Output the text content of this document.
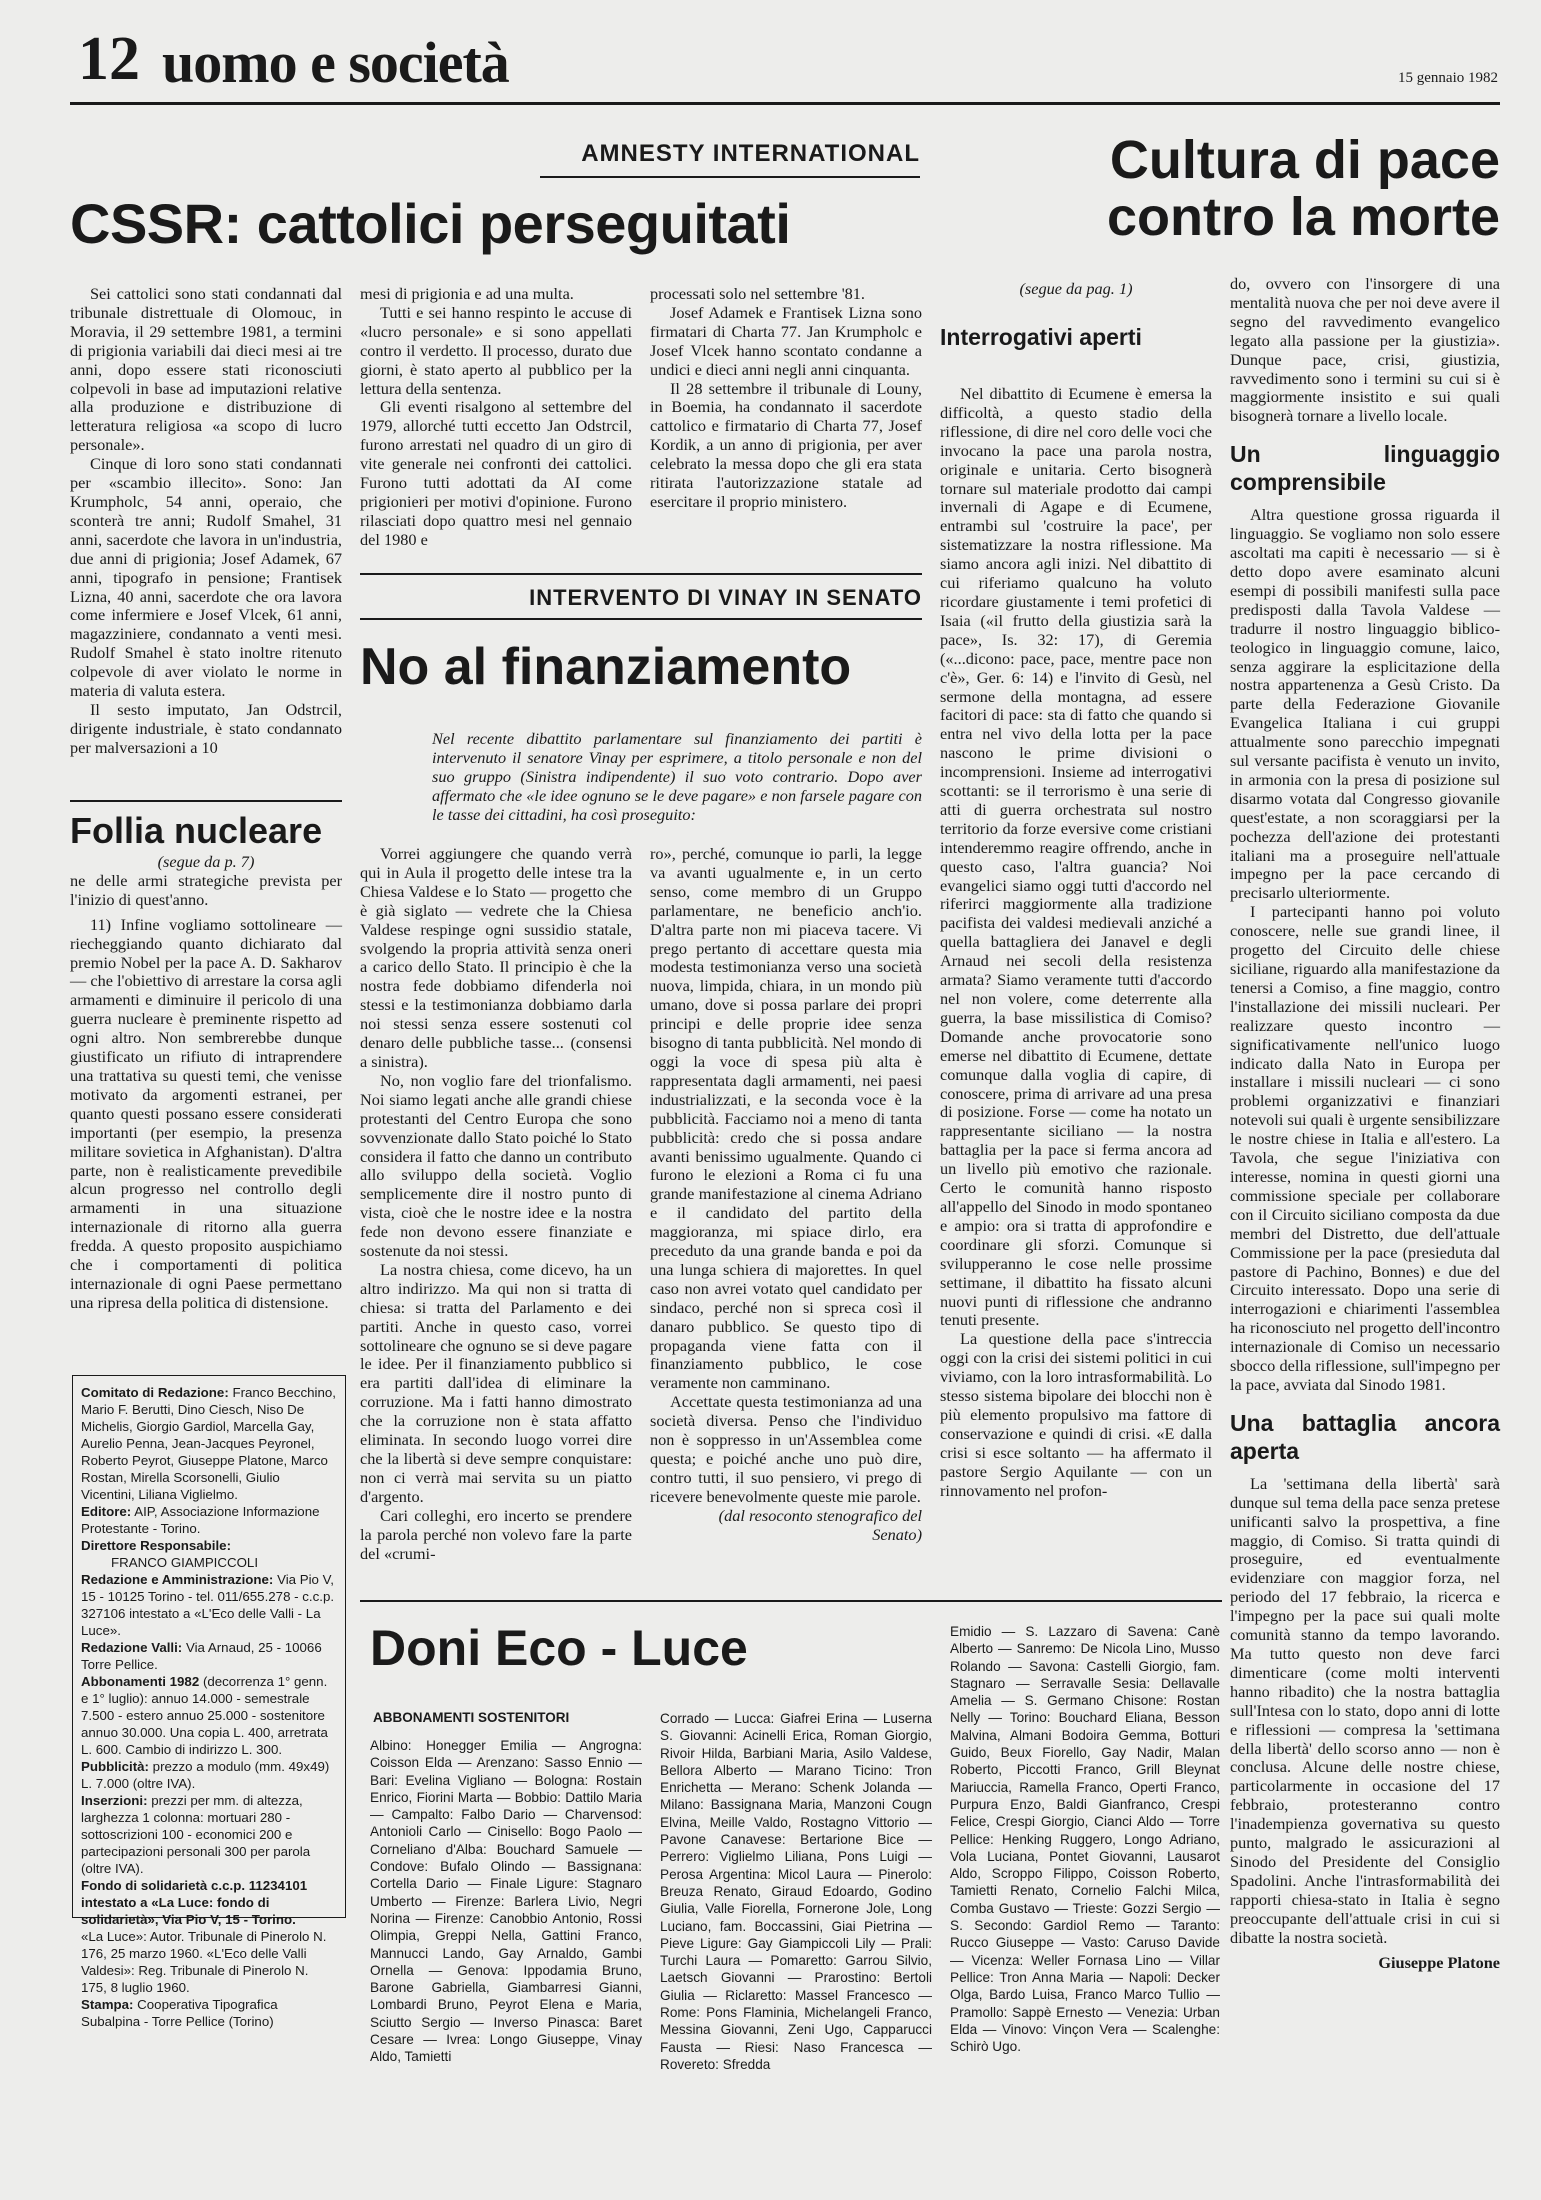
12 uomo e società	15 gennaio 1982
AMNESTY INTERNATIONAL
CSSR: cattolici perseguitati

Sei cattolici sono stati condannati dal tribunale distrettuale di Olomouc, in Moravia, il 29 settembre 1981, a termini di prigionia variabili dai dieci mesi ai tre anni, dopo essere stati riconosciuti colpevoli in base ad imputazioni relative alla produzione e distribuzione di letteratura religiosa «a scopo di lucro personale».

Cinque di loro sono stati condannati per «scambio illecito». Sono: Jan Krumpholc, 54 anni, operaio, che sconterà tre anni; Rudolf Smahel, 31 anni, sacerdote che lavora in un'industria, due anni di prigionia; Josef Adamek, 67 anni, tipografo in pensione; Frantisek Lizna, 40 anni, sacerdote che ora lavora come infermiere e Josef Vlcek, 61 anni, magazziniere, condannato a venti mesi. Rudolf Smahel è stato inoltre ritenuto colpevole di aver violato le norme in materia di valuta estera.

Il sesto imputato, Jan Odstrcil, dirigente industriale, è stato condannato per malversazioni a 10

mesi di prigionia e ad una multa.

Tutti e sei hanno respinto le accuse di «lucro personale» e si sono appellati contro il verdetto. Il processo, durato due giorni, è stato aperto al pubblico per la lettura della sentenza.

Gli eventi risalgono al settembre del 1979, allorché tutti eccetto Jan Odstrcil, furono arrestati nel quadro di un giro di vite generale nei confronti dei cattolici. Furono tutti adottati da AI come prigionieri per motivi d'opinione. Furono rilasciati dopo quattro mesi nel gennaio del 1980 e

processati solo nel settembre '81.

Josef Adamek e Frantisek Lizna sono firmatari di Charta 77. Jan Krumpholc e Josef Vlcek hanno scontato condanne a undici e dieci anni negli anni cinquanta.

Il 28 settembre il tribunale di Louny, in Boemia, ha condannato il sacerdote cattolico e firmatario di Charta 77, Josef Kordik, a un anno di prigionia, per aver celebrato la messa dopo che gli era stata ritirata l'autorizzazione statale ad esercitare il proprio ministero.

Follia nucleare
(segue da p. 7)

ne delle armi strategiche prevista per l'inizio di quest'anno.

11) Infine vogliamo sottolineare — riecheggiando quanto dichiarato dal premio Nobel per la pace A. D. Sakharov — che l'obiettivo di arrestare la corsa agli armamenti e diminuire il pericolo di una guerra nucleare è preminente rispetto ad ogni altro. Non sembrerebbe dunque giustificato un rifiuto di intraprendere una trattativa su questi temi, che venisse motivato da argomenti estranei, per quanto questi possano essere considerati importanti (per esempio, la presenza militare sovietica in Afghanistan). D'altra parte, non è realisticamente prevedibile alcun progresso nel controllo degli armamenti in una situazione internazionale di ritorno alla guerra fredda. A questo proposito auspichiamo che i comportamenti di politica internazionale di ogni Paese permettano una ripresa della politica di distensione.

Comitato di Redazione: Franco Becchino, Mario F. Berutti, Dino Ciesch, Niso De Michelis, Giorgio Gardiol, Marcella Gay, Aurelio Penna, Jean-Jacques Peyronel, Roberto Peyrot, Giuseppe Platone, Marco Rostan, Mirella Scorsonelli, Giulio Vicentini, Liliana Viglielmo.

Editore: AIP, Associazione Informazione Protestante - Torino.

Direttore Responsabile:
FRANCO GIAMPICCOLI

Redazione e Amministrazione: Via Pio V, 15 - 10125 Torino - tel. 011/655.278 - c.c.p. 327106 intestato a «L'Eco delle Valli - La Luce».

Redazione Valli: Via Arnaud, 25 - 10066 Torre Pellice.

Abbonamenti 1982 (decorrenza 1° genn. e 1° luglio): annuo 14.000 - semestrale 7.500 - estero annuo 25.000 - sostenitore annuo 30.000. Una copia L. 400, arretrata L. 600. Cambio di indirizzo L. 300.

Pubblicità: prezzo a modulo (mm. 49x49) L. 7.000 (oltre IVA).

Inserzioni: prezzi per mm. di altezza, larghezza 1 colonna: mortuari 280 - sottoscrizioni 100 - economici 200 e partecipazioni personali 300 per parola (oltre IVA).

Fondo di solidarietà c.c.p. 11234101 intestato a «La Luce: fondo di solidarietà», Via Pio V, 15 - Torino.

«La Luce»: Autor. Tribunale di Pinerolo N. 176, 25 marzo 1960. «L'Eco delle Valli Valdesi»: Reg. Tribunale di Pinerolo N. 175, 8 luglio 1960.

Stampa: Cooperativa Tipografica Subalpina - Torre Pellice (Torino)

INTERVENTO DI VINAY IN SENATO
No al finanziamento
Nel recente dibattito parlamentare sul finanziamento dei partiti è intervenuto il senatore Vinay per esprimere, a titolo personale e non del suo gruppo (Sinistra indipendente) il suo voto contrario. Dopo aver affermato che «le idee ognuno se le deve pagare» e non farsele pagare con le tasse dei cittadini, ha così proseguito:

Vorrei aggiungere che quando verrà qui in Aula il progetto delle intese tra la Chiesa Valdese e lo Stato — progetto che è già siglato — vedrete che la Chiesa Valdese respinge ogni sussidio statale, svolgendo la propria attività senza oneri a carico dello Stato. Il principio è che la nostra fede dobbiamo difenderla noi stessi e la testimonianza dobbiamo darla noi stessi senza essere sostenuti col denaro delle pubbliche tasse... (consensi a sinistra).

No, non voglio fare del trionfalismo. Noi siamo legati anche alle grandi chiese protestanti del Centro Europa che sono sovvenzionate dallo Stato poiché lo Stato considera il fatto che danno un contributo allo sviluppo della società. Voglio semplicemente dire il nostro punto di vista, cioè che le nostre idee e la nostra fede non devono essere finanziate e sostenute da noi stessi.

La nostra chiesa, come dicevo, ha un altro indirizzo. Ma qui non si tratta di chiesa: si tratta del Parlamento e dei partiti. Anche in questo caso, vorrei sottolineare che ognuno se si deve pagare le idee. Per il finanziamento pubblico si era partiti dall'idea di eliminare la corruzione. Ma i fatti hanno dimostrato che la corruzione non è stata affatto eliminata. In secondo luogo vorrei dire che la libertà si deve sempre conquistare: non ci verrà mai servita su un piatto d'argento.

Cari colleghi, ero incerto se prendere la parola perché non volevo fare la parte del «crumi-

ro», perché, comunque io parli, la legge va avanti ugualmente e, in un certo senso, come membro di un Gruppo parlamentare, ne beneficio anch'io. D'altra parte non mi piaceva tacere. Vi prego pertanto di accettare questa mia modesta testimonianza verso una società nuova, limpida, chiara, in un mondo più umano, dove si possa parlare dei propri principi e delle proprie idee senza bisogno di tanta pubblicità. Nel mondo di oggi la voce di spesa più alta è rappresentata dagli armamenti, nei paesi industrializzati, e la seconda voce è la pubblicità. Facciamo noi a meno di tanta pubblicità: credo che si possa andare avanti benissimo ugualmente. Quando ci furono le elezioni a Roma ci fu una grande manifestazione al cinema Adriano e il candidato del partito della maggioranza, mi spiace dirlo, era preceduto da una grande banda e poi da una lunga schiera di majorettes. In quel caso non avrei votato quel candidato per sindaco, perché non si spreca così il danaro pubblico. Se questo tipo di propaganda viene fatta con il finanziamento pubblico, le cose veramente non camminano.

Accettate questa testimonianza ad una società diversa. Penso che l'individuo non è soppresso in un'Assemblea come questa; e poiché anche uno può dire, contro tutti, il suo pensiero, vi prego di ricevere benevolmente queste mie parole.

(dal resoconto stenografico del Senato)

Doni Eco - Luce
ABBONAMENTI SOSTENITORI
Albino: Honegger Emilia — Angrogna: Coisson Elda — Arenzano: Sasso Ennio — Bari: Evelina Vigliano — Bologna: Rostain Enrico, Fiorini Marta — Bobbio: Dattilo Maria — Campalto: Falbo Dario — Charvensod: Antonioli Carlo — Cinisello: Bogo Paolo — Corneliano d'Alba: Bouchard Samuele — Condove: Bufalo Olindo — Bassignana: Cortella Dario — Finale Ligure: Stagnaro Umberto — Firenze: Barlera Livio, Negri Norina — Firenze: Canobbio Antonio, Rossi Olimpia, Greppi Nella, Gattini Franco, Mannucci Lando, Gay Arnaldo, Gambi Ornella — Genova: Ippodamia Bruno, Barone Gabriella, Giambarresi Gianni, Lombardi Bruno, Peyrot Elena e Maria, Sciutto Sergio — Inverso Pinasca: Baret Cesare — Ivrea: Longo Giuseppe, Vinay Aldo, Tamietti
Corrado — Lucca: Giafrei Erina — Luserna S. Giovanni: Acinelli Erica, Roman Giorgio, Rivoir Hilda, Barbiani Maria, Asilo Valdese, Bellora Alberto — Marano Ticino: Tron Enrichetta — Merano: Schenk Jolanda — Milano: Bassignana Maria, Manzoni Cougn Elvina, Meille Valdo, Rostagno Vittorio — Pavone Canavese: Bertarione Bice — Perrero: Viglielmo Liliana, Pons Luigi — Perosa Argentina: Micol Laura — Pinerolo: Breuza Renato, Giraud Edoardo, Godino Giulia, Valle Fiorella, Fornerone Jole, Long Luciano, fam. Boccassini, Giai Pietrina — Pieve Ligure: Gay Giampiccoli Lily — Prali: Turchi Laura — Pomaretto: Garrou Silvio, Laetsch Giovanni — Prarostino: Bertoli Giulia — Riclaretto: Massel Francesco — Rome: Pons Flaminia, Michelangeli Franco, Messina Giovanni, Zeni Ugo, Capparucci Fausta — Riesi: Naso Francesca — Rovereto: Sfredda
Emidio — S. Lazzaro di Savena: Canè Alberto — Sanremo: De Nicola Lino, Musso Rolando — Savona: Castelli Giorgio, fam. Stagnaro — Serravalle Sesia: Dellavalle Amelia — S. Germano Chisone: Rostan Nelly — Torino: Bouchard Eliana, Besson Malvina, Almani Bodoira Gemma, Botturi Guido, Beux Fiorello, Gay Nadir, Malan Roberto, Piccotti Franco, Grill Bleynat Mariuccia, Ramella Franco, Operti Franco, Purpura Enzo, Baldi Gianfranco, Crespi Felice, Crespi Giorgio, Cianci Aldo — Torre Pellice: Henking Ruggero, Longo Adriano, Vola Luciana, Pontet Giovanni, Lausarot Aldo, Scroppo Filippo, Coisson Roberto, Tamietti Renato, Cornelio Falchi Milca, Comba Gustavo — Trieste: Gozzi Sergio — S. Secondo: Gardiol Remo — Taranto: Rucco Giuseppe — Vasto: Caruso Davide — Vicenza: Weller Fornasa Lino — Villar Pellice: Tron Anna Maria — Napoli: Decker Olga, Bardo Luisa, Franco Marco Tullio — Pramollo: Sappè Ernesto — Venezia: Urban Elda — Vinovo: Vinçon Vera — Scalenghe: Schirò Ugo.
Cultura di pace
contro la morte
(segue da pag. 1)
Interrogativi aperti

Nel dibattito di Ecumene è emersa la difficoltà, a questo stadio della riflessione, di dire nel coro delle voci che invocano la pace una parola nostra, originale e unitaria. Certo bisognerà tornare sul materiale prodotto dai campi invernali di Agape e di Ecumene, entrambi sul 'costruire la pace', per sistematizzare la nostra riflessione. Ma siamo ancora agli inizi. Nel dibattito di cui riferiamo qualcuno ha voluto ricordare giustamente i temi profetici di Isaia («il frutto della giustizia sarà la pace», Is. 32: 17), di Geremia («...dicono: pace, pace, mentre pace non c'è», Ger. 6: 14) e l'invito di Gesù, nel sermone della montagna, ad essere facitori di pace: sta di fatto che quando si entra nel vivo della lotta per la pace nascono le prime divisioni o incomprensioni. Insieme ad interrogativi scottanti: se il terrorismo è una serie di atti di guerra orchestrata sul nostro territorio da forze eversive come cristiani intenderemmo reagire offrendo, anche in questo caso, l'altra guancia? Noi evangelici siamo oggi tutti d'accordo nel riferirci maggiormente alla tradizione pacifista dei valdesi medievali anziché a quella battagliera dei Janavel e degli Arnaud nei secoli della resistenza armata? Siamo veramente tutti d'accordo nel non volere, come deterrente alla guerra, la base missilistica di Comiso? Domande anche provocatorie sono emerse nel dibattito di Ecumene, dettate comunque dalla voglia di capire, di conoscere, prima di arrivare ad una presa di posizione. Forse — come ha notato un rappresentante siciliano — la nostra battaglia per la pace si ferma ancora ad un livello più emotivo che razionale. Certo le comunità hanno risposto all'appello del Sinodo in modo spontaneo e ampio: ora si tratta di approfondire e coordinare gli sforzi. Comunque si svilupperanno le cose nelle prossime settimane, il dibattito ha fissato alcuni nuovi punti di riflessione che andranno tenuti presente.

La questione della pace s'intreccia oggi con la crisi dei sistemi politici in cui viviamo, con la loro intrasformabilità. Lo stesso sistema bipolare dei blocchi non è più elemento propulsivo ma fattore di conservazione e quindi di crisi. «E dalla crisi si esce soltanto — ha affermato il pastore Sergio Aquilante — con un rinnovamento nel profon-

do, ovvero con l'insorgere di una mentalità nuova che per noi deve avere il segno del ravvedimento evangelico legato alla passione per la giustizia». Dunque pace, crisi, giustizia, ravvedimento sono i termini su cui si è maggiormente insistito e sui quali bisognerà tornare a livello locale.

Un linguaggio comprensibile

Altra questione grossa riguarda il linguaggio. Se vogliamo non solo essere ascoltati ma capiti è necessario — si è detto dopo avere esaminato alcuni esempi di possibili manifesti sulla pace predisposti dalla Tavola Valdese — tradurre il nostro linguaggio biblico-teologico in linguaggio comune, laico, senza aggirare la esplicitazione della nostra appartenenza a Gesù Cristo. Da parte della Federazione Giovanile Evangelica Italiana i cui gruppi attualmente sono parecchio impegnati sul versante pacifista è venuto un invito, in armonia con la presa di posizione sul disarmo votata dal Congresso giovanile quest'estate, a non scoraggiarsi per la pochezza dell'azione dei protestanti italiani ma a proseguire nell'attuale impegno per la pace cercando di precisarlo ulteriormente.

I partecipanti hanno poi voluto conoscere, nelle sue grandi linee, il progetto del Circuito delle chiese siciliane, riguardo alla manifestazione da tenersi a Comiso, a fine maggio, contro l'installazione dei missili nucleari. Per realizzare questo incontro — significativamente nell'unico luogo indicato dalla Nato in Europa per installare i missili nucleari — ci sono problemi organizzativi e finanziari notevoli sui quali è urgente sensibilizzare le nostre chiese in Italia e all'estero. La Tavola, che segue l'iniziativa con interesse, nomina in questi giorni una commissione speciale per collaborare con il Circuito siciliano composta da due membri del Distretto, due dell'attuale Commissione per la pace (presieduta dal pastore di Pachino, Bonnes) e due del Circuito interessato. Dopo una serie di interrogazioni e chiarimenti l'assemblea ha riconosciuto nel progetto dell'incontro internazionale di Comiso un necessario sbocco della riflessione, sull'impegno per la pace, avviata dal Sinodo 1981.

Una battaglia ancora aperta

La 'settimana della libertà' sarà dunque sul tema della pace senza pretese unificanti salvo la prospettiva, a fine maggio, di Comiso. Si tratta quindi di proseguire, ed eventualmente evidenziare con maggior forza, nel periodo del 17 febbraio, la ricerca e l'impegno per la pace sui quali molte comunità stanno da tempo lavorando. Ma tutto questo non deve farci dimenticare (come molti interventi hanno ribadito) che la nostra battaglia sull'Intesa con lo stato, dopo anni di lotte e riflessioni — compresa la 'settimana della libertà' dello scorso anno — non è conclusa. Alcune delle nostre chiese, particolarmente in occasione del 17 febbraio, protesteranno contro l'inadempienza governativa su questo punto, malgrado le assicurazioni al Sinodo del Presidente del Consiglio Spadolini. Anche l'intrasformabilità dei rapporti chiesa-stato in Italia è segno preoccupante dell'attuale crisi in cui si dibatte la nostra società.

Giuseppe Platone
